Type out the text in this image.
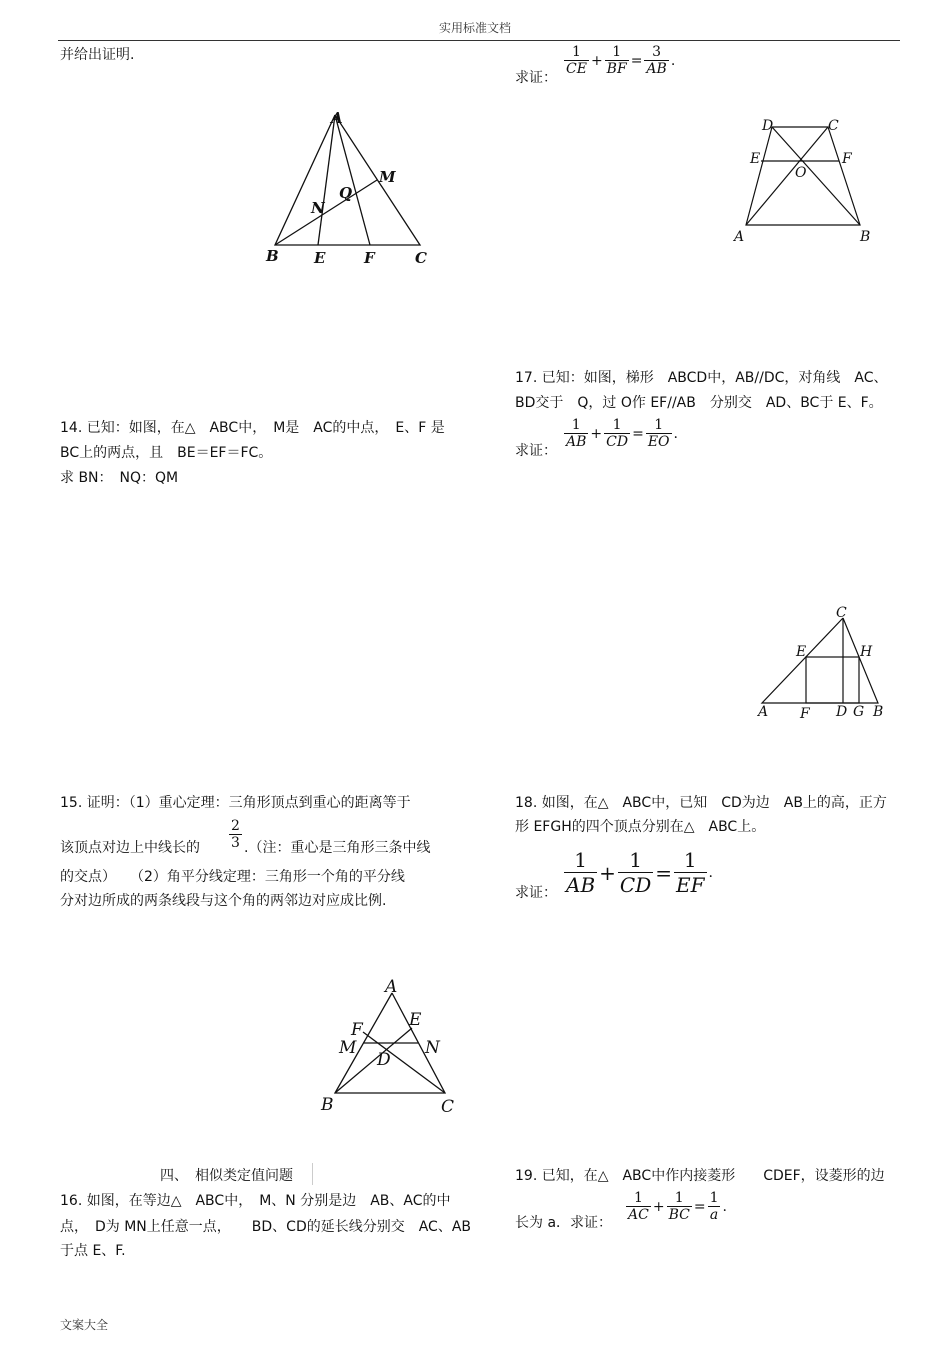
实用标准文档
并给出证明.
A
M
Q
N
B E	F	C
14. 已知：如图，在△　ABC中，　M是　AC的中点，　E、F 是
BC上的两点，且　BE＝EF＝FC。
求 BN：　NQ：QM
15. 证明：（1）重心定理：三角形顶点到重心的距离等于
该顶点对边上中线长的 $\frac{2}{3}$ .（注：重心是三角形三条中线
的交点）　　（2）角平分线定理：三角形一个角的平分线
分对边所成的两条线段与这个角的两邻边对应成比例.
A
F	E
M	N
D
B	C
四、　相似类定值问题
16. 如图，在等边△　ABC中，　M、N 分别是边　AB、AC的中
点，　D为 MN上任意一点，　　BD、CD的延长线分别交　AC、AB
于点 E、F.
求证：
$\frac{1}{CE} + \frac{1}{BF} = \frac{3}{AB}$ .
D	C
E	F
O
A	B
17. 已知：如图，梯形　ABCD中，AB//DC，对角线　AC、
BD交于　Q，过 O作 EF//AB　分别交　AD、BC于 E、F。
求证：
$\frac{1}{AB} + \frac{1}{CD} = \frac{1}{EO}$ .
C
E	H
A F D G B
18. 如图，在△　ABC中，已知　CD为边　AB上的高，正方
形 EFGH的四个顶点分别在△　ABC上。
求证： $\frac{1}{AB} + \frac{1}{CD} = \frac{1}{EF}$ .
19. 已知，在△　ABC中作内接菱形　　CDEF，设菱形的边
长为 a．求证： $\frac{1}{AC} + \frac{1}{BC} = \frac{1}{a}$ .
文案大全
